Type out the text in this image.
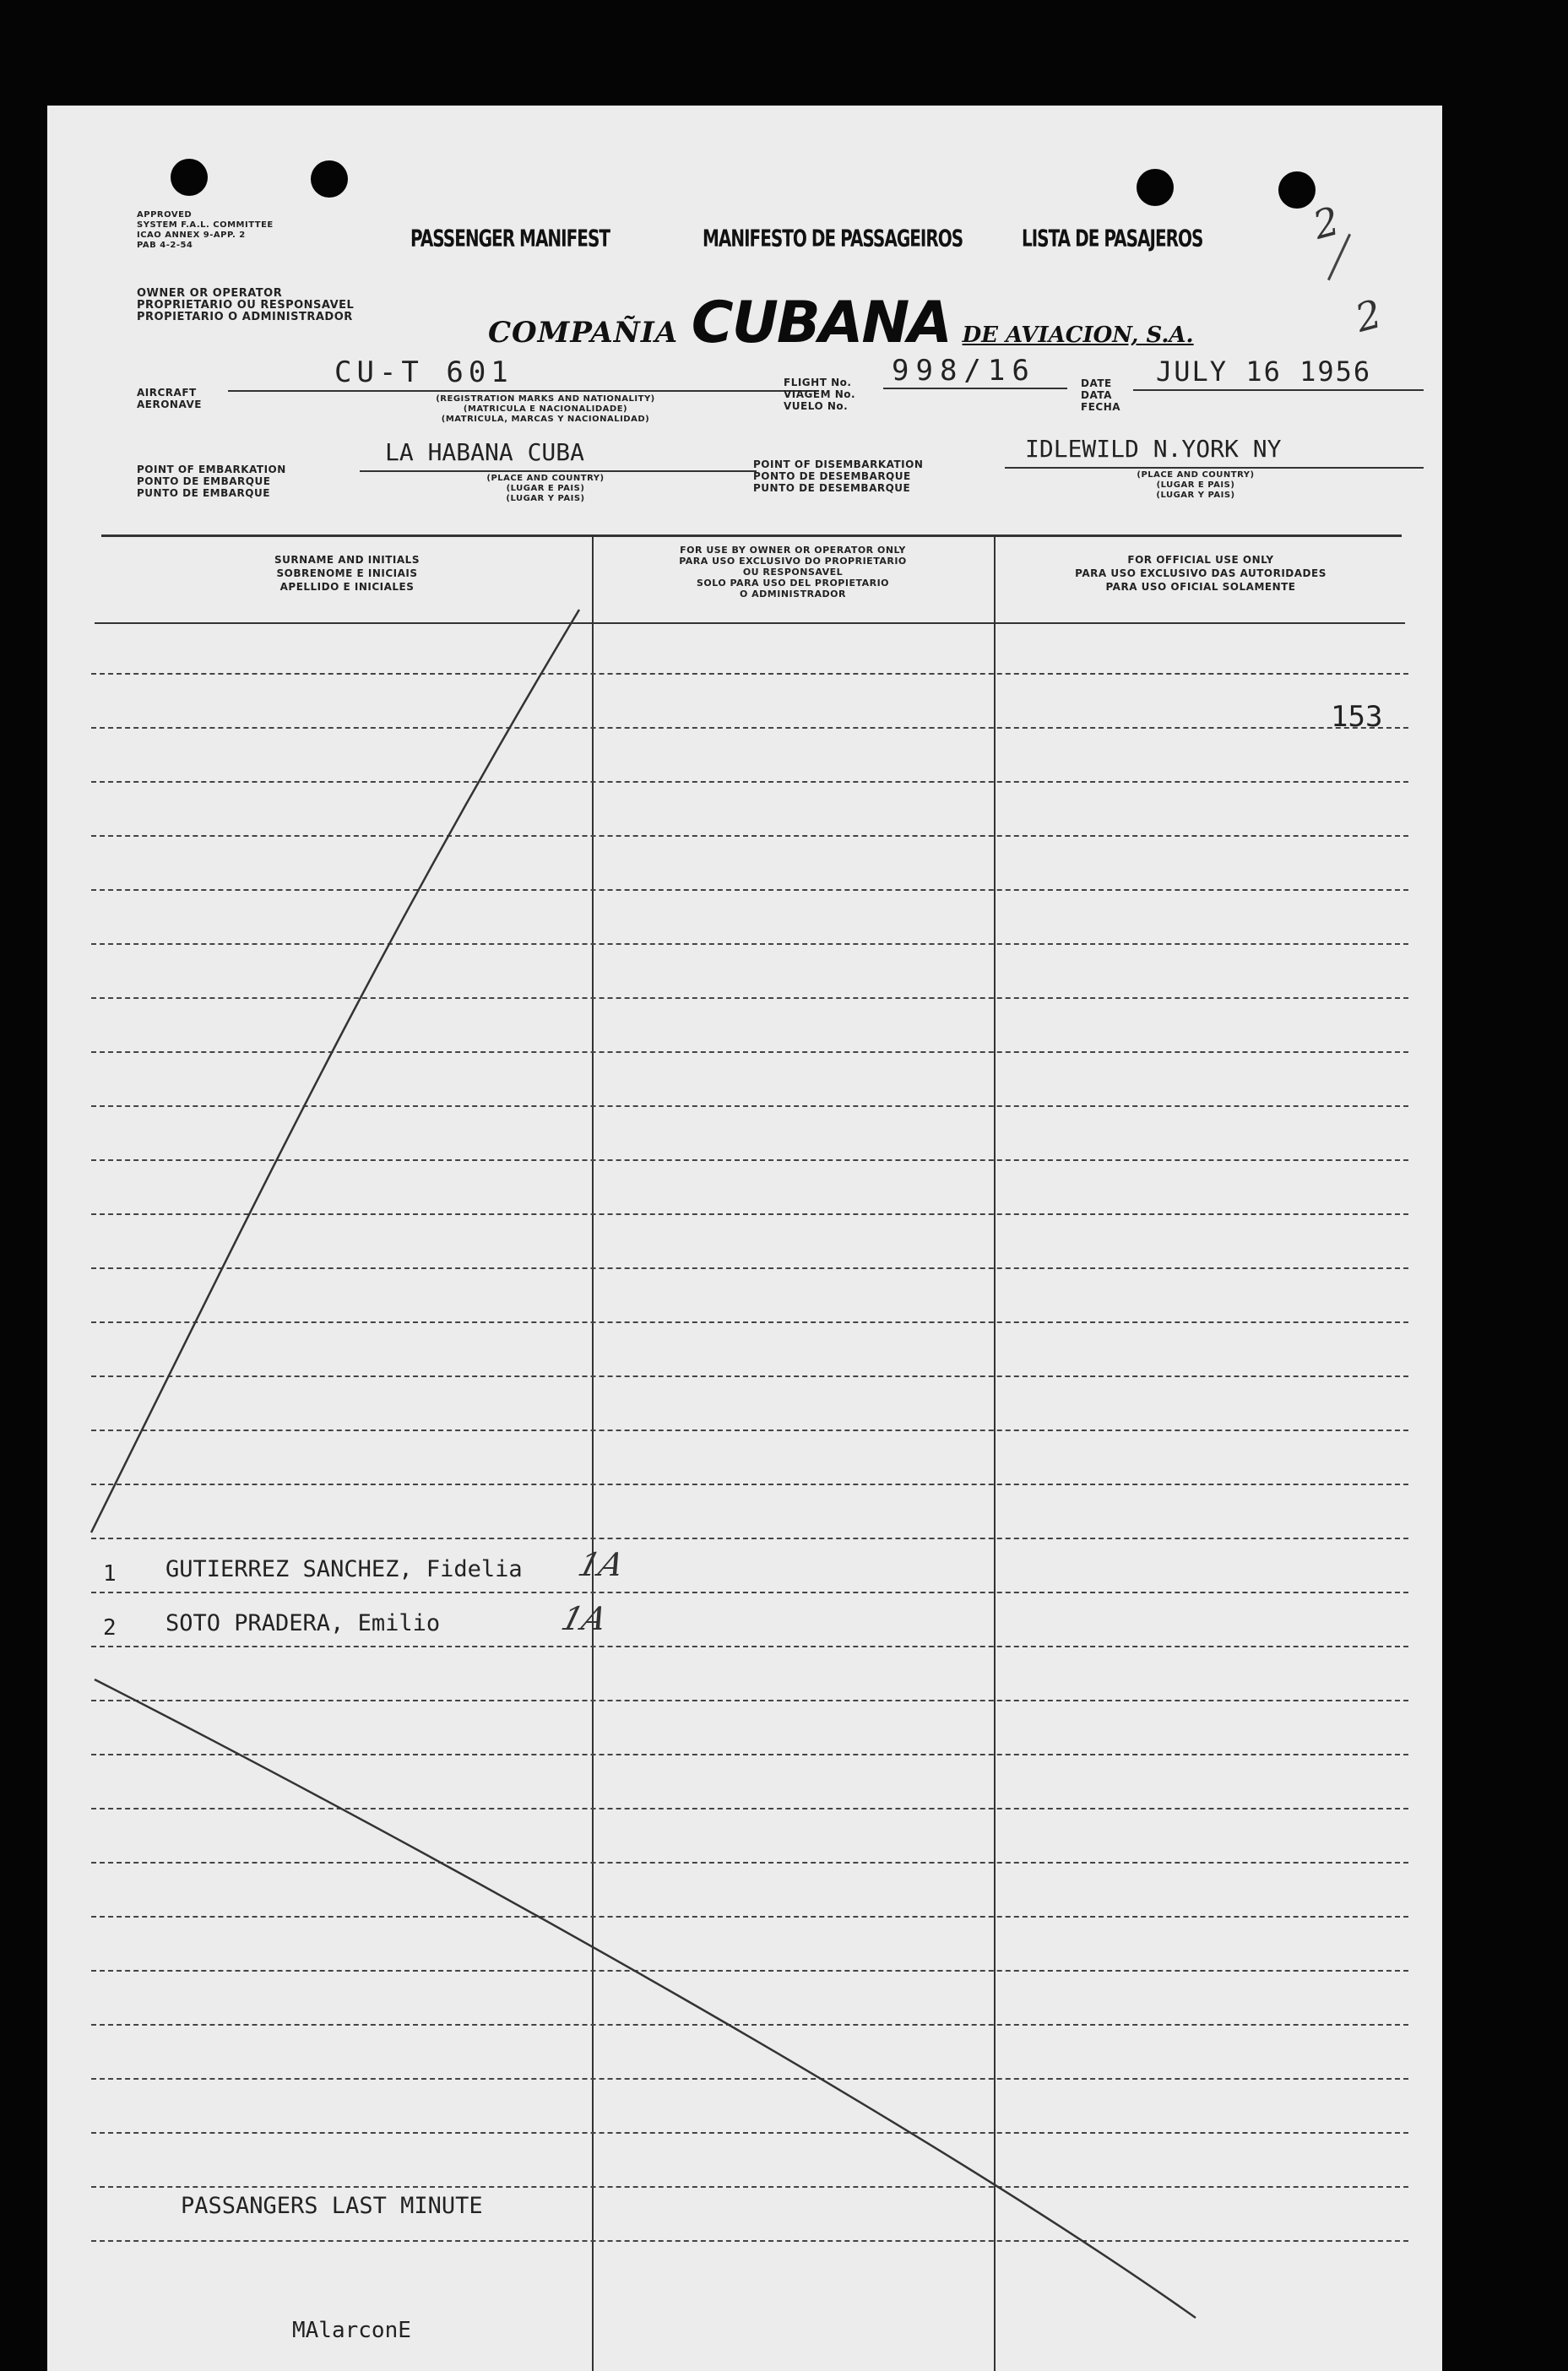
APPROVED
SYSTEM F.A.L. COMMITTEE
ICAO ANNEX 9-APP. 2
PAB 4-2-54	PASSENGER MANIFEST	MANIFESTO DE PASSAGEIROS	LISTA DE PASAJEROS	2
2
OWNER OR OPERATOR
PROPRIETARIO OU RESPONSAVEL
PROPIETARIO O ADMINISTRADOR	COMPAÑIA CUBANA DE AVIACION, S.A.
AIRCRAFT
AERONAVE
CU-T 601
(REGISTRATION MARKS AND NATIONALITY)
(MATRICULA E NACIONALIDADE)
(MATRICULA, MARCAS Y NACIONALIDAD)
FLIGHT No.
VIAGEM No.
VUELO No.
998/16	DATE
DATA
FECHA
JULY 16 1956
POINT OF EMBARKATION
PONTO DE EMBARQUE
PUNTO DE EMBARQUE
LA HABANA CUBA
(PLACE AND COUNTRY)
(LUGAR E PAIS)
(LUGAR Y PAIS)
POINT OF DISEMBARKATION
PONTO DE DESEMBARQUE
PUNTO DE DESEMBARQUE
IDLEWILD N.YORK NY
(PLACE AND COUNTRY)
(LUGAR E PAIS)
(LUGAR Y PAIS)
SURNAME AND INITIALS
SOBRENOME E INICIAIS
APELLIDO E INICIALES
FOR USE BY OWNER OR OPERATOR ONLY
PARA USO EXCLUSIVO DO PROPRIETARIO
OU RESPONSAVEL
SOLO PARA USO DEL PROPIETARIO
O ADMINISTRADOR
FOR OFFICIAL USE ONLY
PARA USO EXCLUSIVO DAS AUTORIDADES
PARA USO OFICIAL SOLAMENTE
153
1 GUTIERREZ SANCHEZ, Fidelia 1A
2 SOTO PRADERA, Emilio	1A
PASSANGERS LAST MINUTE
MAlarconE
